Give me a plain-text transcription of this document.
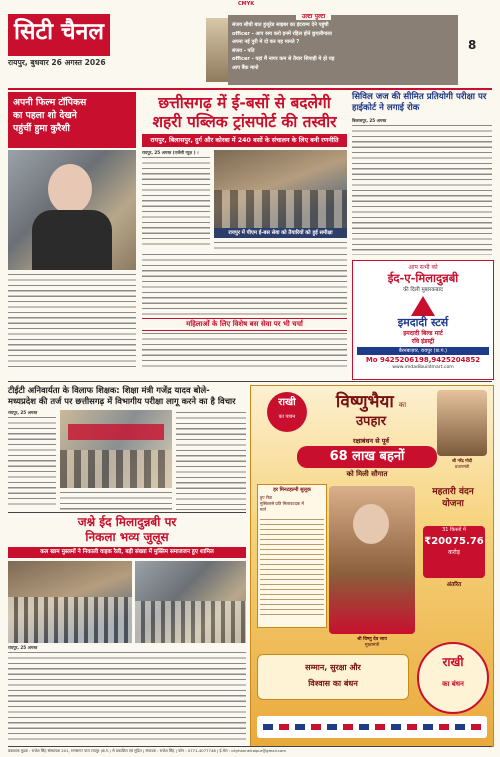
CMYK
सिटी चैनल
रायपुर, बुधवार 26 अगस्त 2026
उल्टा पुल्टा
संजय सीधी बात हुजूरेड साइबर का इंदराम्य देने पहुंची
officer - आप रस्य करो इनमें रहिल होने छुएलीगाला
अपना नई पुरी मे दो कर यह मानते ?
संजय - पति
officer - यहां मैं नागर कम से तैयार सिपाही मे हो यह
आप बैंक मानो
8
अपनी फिल्म टॉपिकस
का पहला शो देखने
पहुंचीं हुमा कुरैशी
छत्तीसगढ़ में ई-बसों से बदलेगी
शहरी पब्लिक ट्रांसपोर्ट की तस्वीर
रायपुर, बिलासपुर, दुर्ग और कोरबा में 240 बसों के संचालन के लिए बनी रणनीति
रायपुर, 25 अगस्त (एजेंसी न्यूज़ ) ।
रायपुर में पीएम ई-बस सेवा को तैयारियों को हुई समीक्षा
महिलाओं के लिए विशेष बस सेवा पर भी चर्चा
सिविल जज की सीमित प्रतियोगी परीक्षा पर हाईकोर्ट ने लगाई रोक
बिलासपुर, 25 अगस्त
आप सभी को
ईद-ए-मिलादुन्नबी
की दिली मुबारकबाद
इमदादी स्टर्स
इमदादी बिल्ड मार्ट
रवि इंडस्ट्री
बैरनबाज़ार, रायपुर (छ.ग.)
Mo 9425206198,9425204852
www.imdadibuildmart.com
टीईटी अनिवार्यता के विलाफ शिक्षक: शिक्षा मंत्री गजेंद्र यादव बोले-
मध्यप्रदेश की तर्ज पर छत्तीसगढ़ में विभागीय परीक्षा लागू करने का है विचार
रायपुर, 25 अगस्त
जश्ने ईद मिलादुन्नबी पर
निकला भव्य जुलूस
कल खाम मुस्लमों ने निकाली वाइक रैली, बड़ी संख्या में मुस्लिम समाजजन हुए शामिल
रायपुर, 25 अगस्त
राखी
का पावन
विष्णुभैया का
उपहार
श्री नरेंद्र मोदी
प्रधानमंत्री
रक्षाबंधन से पूर्व
68 लाख बहनों
को मिली सौगात
हर मिनटहल्नी सुलूक
हुए रीवा
मुस्किलसे प्रति मिलावटदक में
मार्ग
श्री विष्णु देव साय
मुख्यमंत्री
महतारी वंदन
योजना
31 किस्तों में
₹20075.76
करोड़
अंतरित
सम्मान, सुरक्षा और
विश्वास का बंधन
राखी
का बंधन
प्रकाशक मुद्रक : राजेश सिंह संस्थापक 201, रामसागर पारा रायपुर (छ.ग.) से प्रकाशित एवं मुद्रित | संपादक : राजेश सिंह | फोन : 0771-4077748 | ई-मेल : cityhannelraipur@gmail.com
